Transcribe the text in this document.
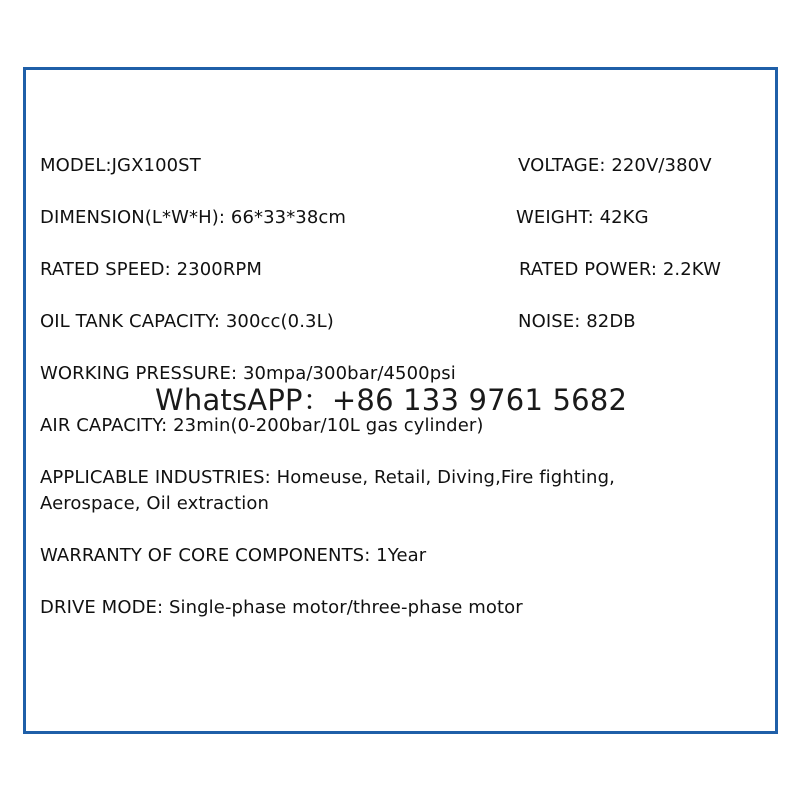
MODEL:JGX100ST	VOLTAGE: 220V/380V
DIMENSION(L*W*H): 66*33*38cm	WEIGHT: 42KG
RATED SPEED: 2300RPM	RATED POWER: 2.2KW
OIL TANK CAPACITY: 300cc(0.3L)	NOISE: 82DB
WORKING PRESSURE: 30mpa/300bar/4500psi
AIR CAPACITY: 23min(0-200bar/10L gas cylinder)
APPLICABLE INDUSTRIES: Homeuse, Retail, Diving,Fire fighting, Aerospace, Oil extraction
WARRANTY OF CORE COMPONENTS: 1Year
DRIVE MODE: Single-phase motor/three-phase motor
WhatsAPP：+86 133 9761 5682
